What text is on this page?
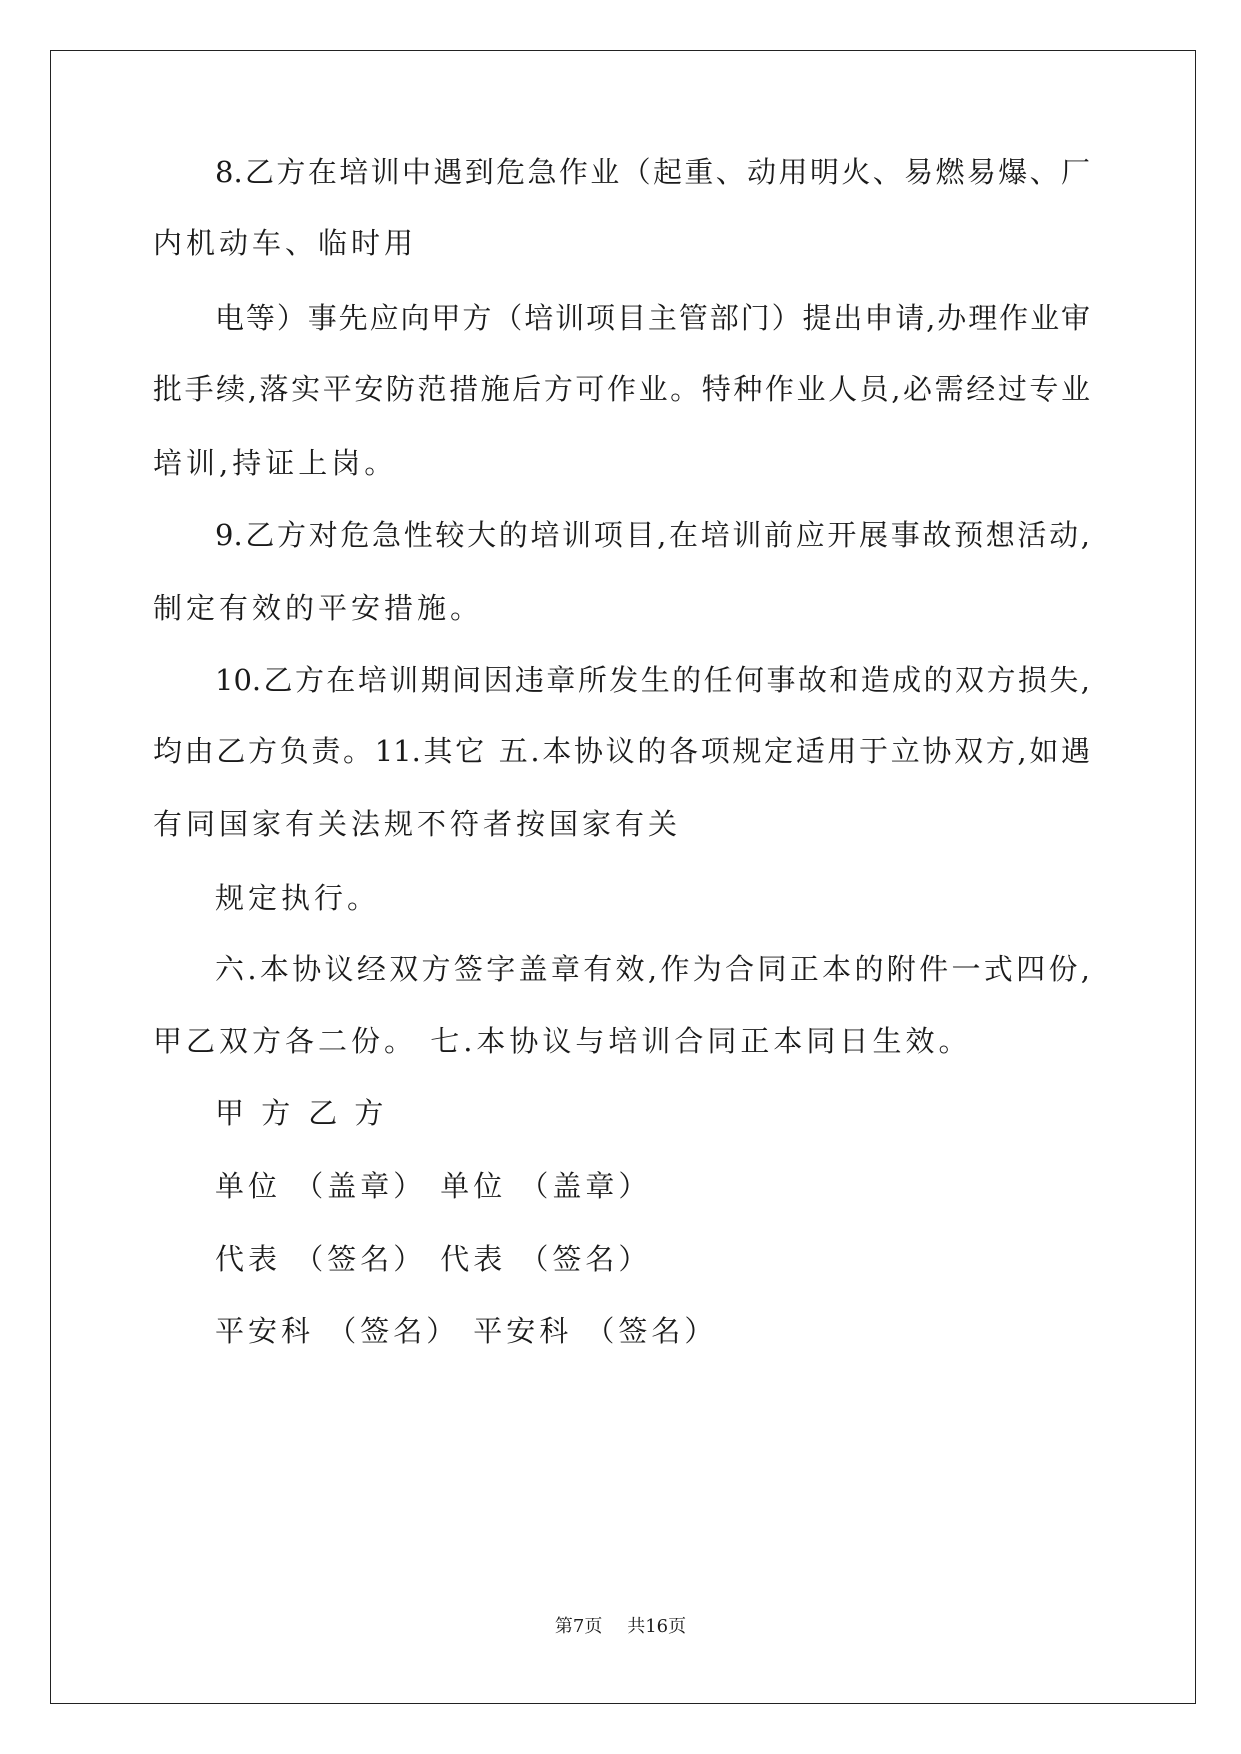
8.乙方在培训中遇到危急作业（起重、动用明火、易燃易爆、厂
内机动车、临时用
电等）事先应向甲方（培训项目主管部门）提出申请,办理作业审
批手续,落实平安防范措施后方可作业。特种作业人员,必需经过专业
培训,持证上岗。
9.乙方对危急性较大的培训项目,在培训前应开展事故预想活动,
制定有效的平安措施。
10.乙方在培训期间因违章所发生的任何事故和造成的双方损失,
均由乙方负责。11.其它 五.本协议的各项规定适用于立协双方,如遇
有同国家有关法规不符者按国家有关
规定执行。
六.本协议经双方签字盖章有效,作为合同正本的附件一式四份,
甲乙双方各二份。 七.本协议与培训合同正本同日生效。
甲 方 乙 方
单位 （盖章） 单位 （盖章）
代表 （签名） 代表 （签名）
平安科 （签名） 平安科 （签名）
第7页 共16页
